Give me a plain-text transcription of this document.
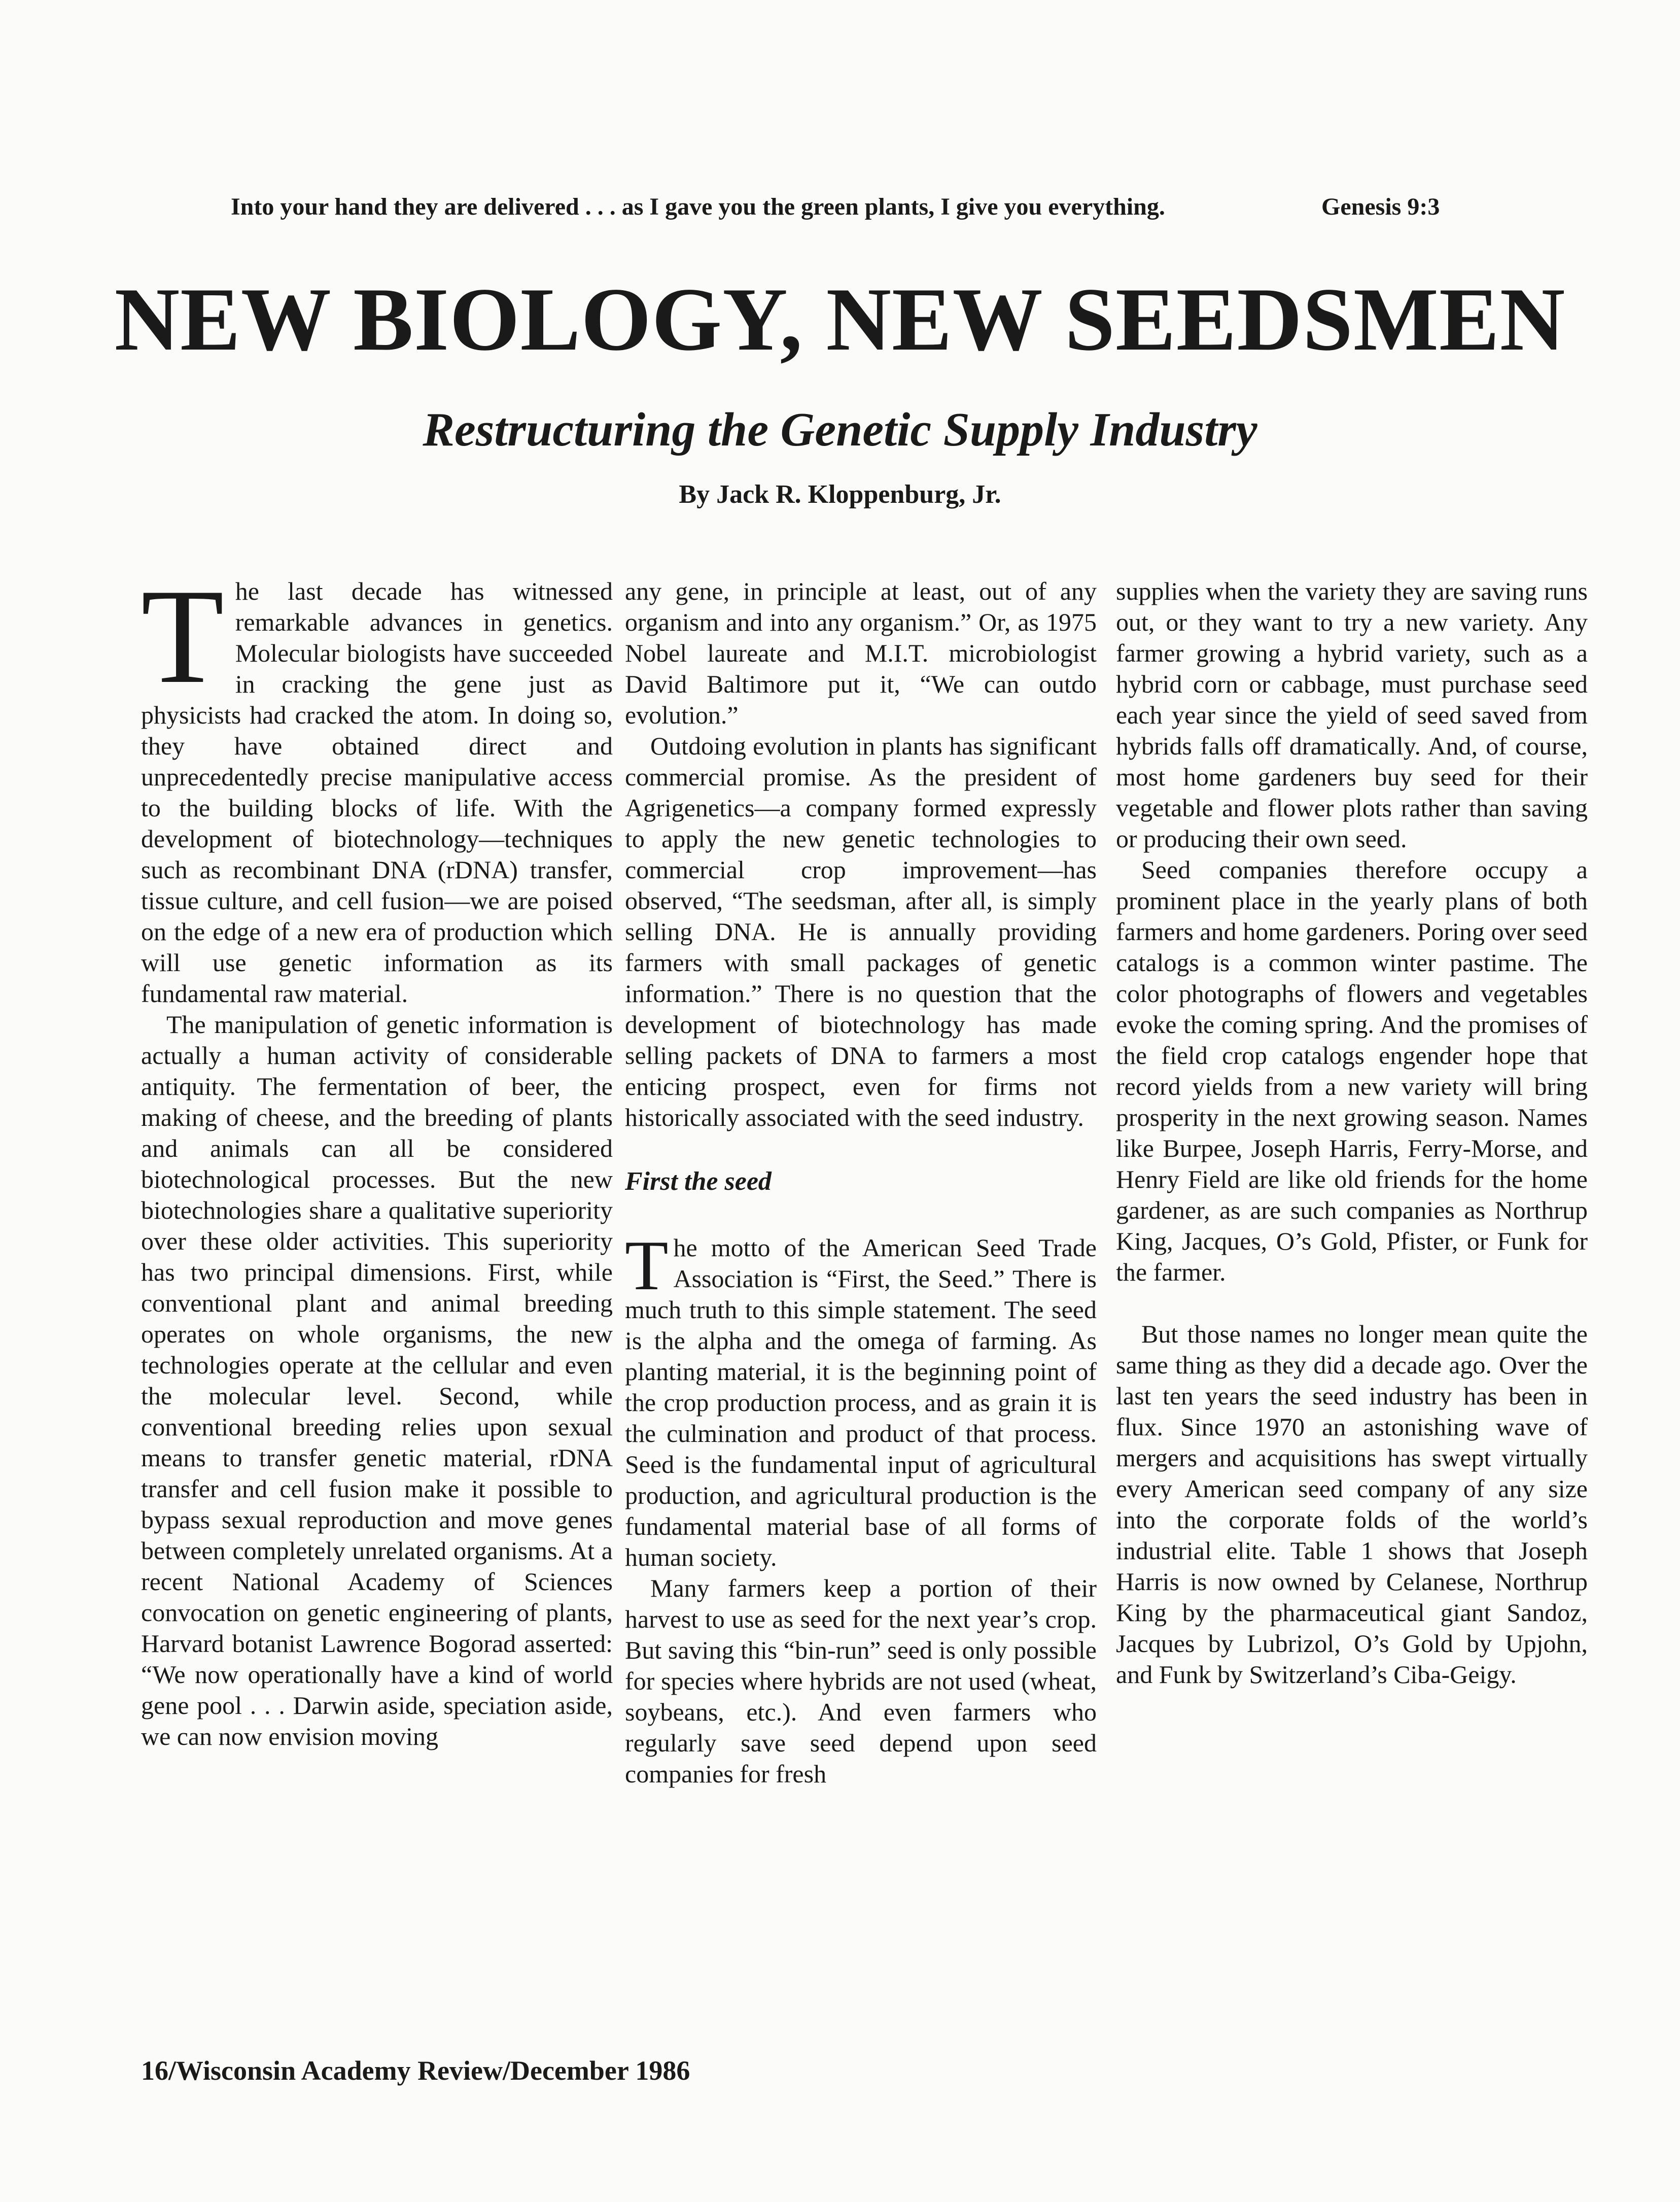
Into your hand they are delivered . . . as I gave you the green plants, I give you everything.	Genesis 9:3
NEW BIOLOGY, NEW SEEDSMEN
Restructuring the Genetic Supply Industry
By Jack R. Kloppenburg, Jr.

The last decade has witnessed remarkable advances in genetics. Molecular biologists have succeeded in cracking the gene just as physicists had cracked the atom. In doing so, they have obtained direct and unprecedentedly precise manipulative access to the building blocks of life. With the development of biotechnology—techniques such as recombinant DNA (rDNA) transfer, tissue culture, and cell fusion—we are poised on the edge of a new era of production which will use genetic information as its fundamental raw material.

The manipulation of genetic information is actually a human activity of considerable antiquity. The fermentation of beer, the making of cheese, and the breeding of plants and animals can all be considered biotechnological processes. But the new biotechnologies share a qualitative superiority over these older activities. This superiority has two principal dimensions. First, while conventional plant and animal breeding operates on whole organisms, the new technologies operate at the cellular and even the molecular level. Second, while conventional breeding relies upon sexual means to transfer genetic material, rDNA transfer and cell fusion make it possible to bypass sexual reproduction and move genes between completely unrelated organisms. At a recent National Academy of Sciences convocation on genetic engineering of plants, Harvard botanist Lawrence Bogorad asserted: “We now operationally have a kind of world gene pool . . . Darwin aside, speciation aside, we can now envision moving

any gene, in principle at least, out of any organism and into any organism.” Or, as 1975 Nobel laureate and M.I.T. microbiologist David Baltimore put it, “We can outdo evolution.”

Outdoing evolution in plants has significant commercial promise. As the president of Agrigenetics—a company formed expressly to apply the new genetic technologies to commercial crop improvement—has observed, “The seedsman, after all, is simply selling DNA. He is annually providing farmers with small packages of genetic information.” There is no question that the development of biotechnology has made selling packets of DNA to farmers a most enticing prospect, even for firms not historically associated with the seed industry.

First the seed

The motto of the American Seed Trade Association is “First, the Seed.” There is much truth to this simple statement. The seed is the alpha and the omega of farming. As planting material, it is the beginning point of the crop production process, and as grain it is the culmination and product of that process. Seed is the fundamental input of agricultural production, and agricultural production is the fundamental material base of all forms of human society.

Many farmers keep a portion of their harvest to use as seed for the next year’s crop. But saving this “bin-run” seed is only possible for species where hybrids are not used (wheat, soybeans, etc.). And even farmers who regularly save seed depend upon seed companies for fresh

supplies when the variety they are saving runs out, or they want to try a new variety. Any farmer growing a hybrid variety, such as a hybrid corn or cabbage, must purchase seed each year since the yield of seed saved from hybrids falls off dramatically. And, of course, most home gardeners buy seed for their vegetable and flower plots rather than saving or producing their own seed.

Seed companies therefore occupy a prominent place in the yearly plans of both farmers and home gardeners. Poring over seed catalogs is a common winter pastime. The color photographs of flowers and vegetables evoke the coming spring. And the promises of the field crop catalogs engender hope that record yields from a new variety will bring prosperity in the next growing season. Names like Burpee, Joseph Harris, Ferry-Morse, and Henry Field are like old friends for the home gardener, as are such companies as Northrup King, Jacques, O’s Gold, Pfister, or Funk for the farmer.

But those names no longer mean quite the same thing as they did a decade ago. Over the last ten years the seed industry has been in flux. Since 1970 an astonishing wave of mergers and acquisitions has swept virtually every American seed company of any size into the corporate folds of the world’s industrial elite. Table 1 shows that Joseph Harris is now owned by Celanese, Northrup King by the pharmaceutical giant Sandoz, Jacques by Lubrizol, O’s Gold by Upjohn, and Funk by Switzerland’s Ciba-Geigy.

16/Wisconsin Academy Review/December 1986
